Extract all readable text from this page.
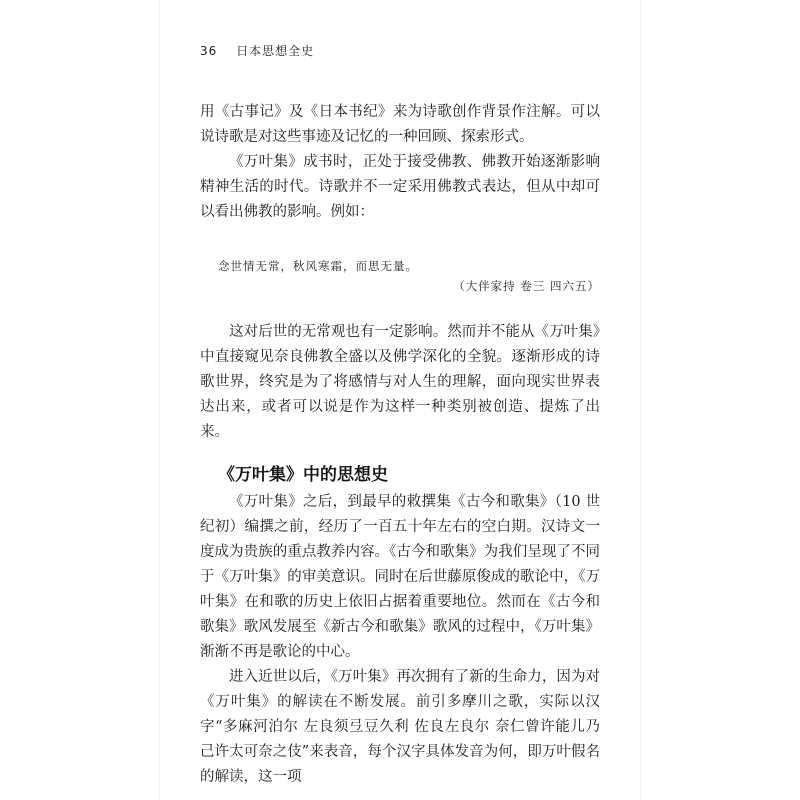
36 日本思想全史

用《古事记》及《日本书纪》来为诗歌创作背景作注解。可以说诗歌是对这些事迹及记忆的一种回顾、探索形式。

《万叶集》成书时，正处于接受佛教、佛教开始逐渐影响精神生活的时代。诗歌并不一定采用佛教式表达，但从中却可以看出佛教的影响。例如：

念世情无常，秋风寒霜，而思无量。
（大伴家持 卷三 四六五）

这对后世的无常观也有一定影响。然而并不能从《万叶集》中直接窥见奈良佛教全盛以及佛学深化的全貌。逐渐形成的诗歌世界，终究是为了将感情与对人生的理解，面向现实世界表达出来，或者可以说是作为这样一种类别被创造、提炼了出来。

《万叶集》中的思想史

《万叶集》之后，到最早的敕撰集《古今和歌集》（10 世纪初）编撰之前，经历了一百五十年左右的空白期。汉诗文一度成为贵族的重点教养内容。《古今和歌集》为我们呈现了不同于《万叶集》的审美意识。同时在后世藤原俊成的歌论中，《万叶集》在和歌的历史上依旧占据着重要地位。然而在《古今和歌集》歌风发展至《新古今和歌集》歌风的过程中，《万叶集》渐渐不再是歌论的中心。

进入近世以后，《万叶集》再次拥有了新的生命力，因为对《万叶集》的解读在不断发展。前引多摩川之歌，实际以汉字“多麻河泊尔 左良须弖豆久利 佐良左良尔 奈仁曾许能儿乃 己许太可奈之伎”来表音，每个汉字具体发音为何，即万叶假名的解读，这一项
